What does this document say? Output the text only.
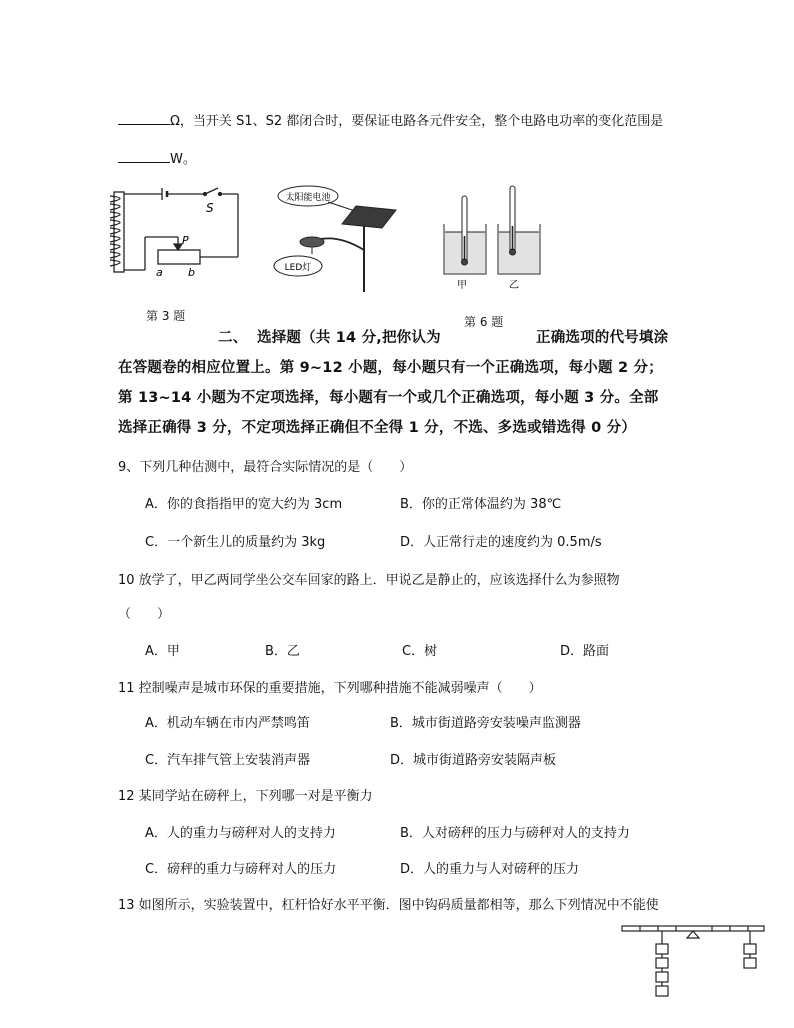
Ω，当开关 S1、S2 都闭合时，要保证电路各元件安全，整个电路电功率的变化范围是
W。
S
P
a b
第 3 题
太阳能电池
LED灯
甲	乙
第 6 题
二、 选择题（共 14 分,把你认为	正确选项的代号填涂
在答题卷的相应位置上。第 9~12 小题，每小题只有一个正确选项，每小题 2 分；
第 13~14 小题为不定项选择，每小题有一个或几个正确选项，每小题 3 分。全部
选择正确得 3 分，不定项选择正确但不全得 1 分，不选、多选或错选得 0 分）
9、下列几种估测中，最符合实际情况的是（　　）
A．你的食指指甲的宽大约为 3cm	B．你的正常体温约为 38℃
C．一个新生儿的质量约为 3kg	D．人正常行走的速度约为 0.5m/s
10 放学了，甲乙两同学坐公交车回家的路上．甲说乙是静止的，应该选择什么为参照物
（　　）
A．甲	B．乙	C．树	D．路面
11 控制噪声是城市环保的重要措施，下列哪种措施不能减弱噪声（　　）
A．机动车辆在市内严禁鸣笛	B．城市街道路旁安装噪声监测器
C．汽车排气管上安装消声器	D．城市街道路旁安装隔声板
12 某同学站在磅秤上，下列哪一对是平衡力
A．人的重力与磅秤对人的支持力	B．人对磅秤的压力与磅秤对人的支持力
C．磅秤的重力与磅秤对人的压力	D．人的重力与人对磅秤的压力
13 如图所示，实验装置中，杠杆恰好水平平衡．图中钩码质量都相等，那么下列情况中不能使
